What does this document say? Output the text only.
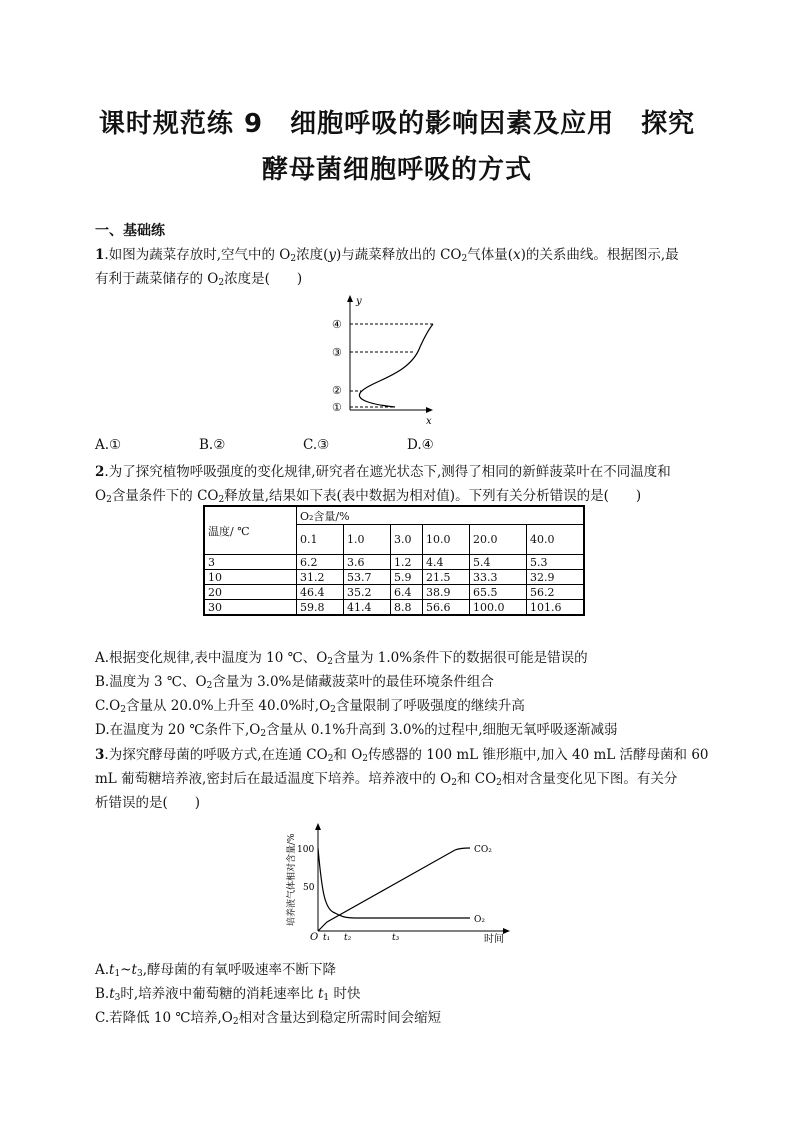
课时规范练 9　细胞呼吸的影响因素及应用　探究
酵母菌细胞呼吸的方式
一、基础练
1.如图为蔬菜存放时,空气中的 $O_2$浓度(y)与蔬菜释放出的 $CO_2$气体量(x)的关系曲线。根据图示,最
有利于蔬菜储存的 $O_2$浓度是(　　)
y
x
④
③
②
①
A.①	B.②	C.③	D.④
2.为了探究植物呼吸强度的变化规律,研究者在遮光状态下,测得了相同的新鲜菠菜叶在不同温度和
$O_2$含量条件下的 $CO_2$释放量,结果如下表(表中数据为相对值)。下列有关分析错误的是(　　)
温度/ ℃	O₂含量/%					
	0.1	1.0	3.0	10.0	20.0	40.0
3	6.2	3.6	1.2	4.4	5.4	5.3
10	31.2	53.7	5.9	21.5	33.3	32.9
20	46.4	35.2	6.4	38.9	65.5	56.2
30	59.8	41.4	8.8	56.6	100.0	101.6
A.根据变化规律,表中温度为 10 ℃、$O_2$含量为 1.0%条件下的数据很可能是错误的
B.温度为 3 ℃、$O_2$含量为 3.0%是储藏菠菜叶的最佳环境条件组合
$C.O_2$含量从 20.0%上升至 40.0%时$,O_2$含量限制了呼吸强度的继续升高
D.在温度为 20 ℃条件下$,O_2$含量从 0.1%升高到 3.0%的过程中,细胞无氧呼吸逐渐减弱
3.为探究酵母菌的呼吸方式,在连通 $CO_2$和 $O_2$传感器的 100 mL 锥形瓶中,加入 40 mL 活酵母菌和 60
mL 葡萄糖培养液,密封后在最适温度下培养。培养液中的 $O_2$和 $CO_2$相对含量变化见下图。有关分
析错误的是(　　)
培养液气体相对含量/% 100
50
O t₁ t₂	t₃	时间
CO₂
O₂
$A.t_1\sim t_3$,酵母菌的有氧呼吸速率不断下降
$B.t_3$时,培养液中葡萄糖的消耗速率比 $t_1$ 时快
C.若降低 10 ℃培养$,O_2$相对含量达到稳定所需时间会缩短
